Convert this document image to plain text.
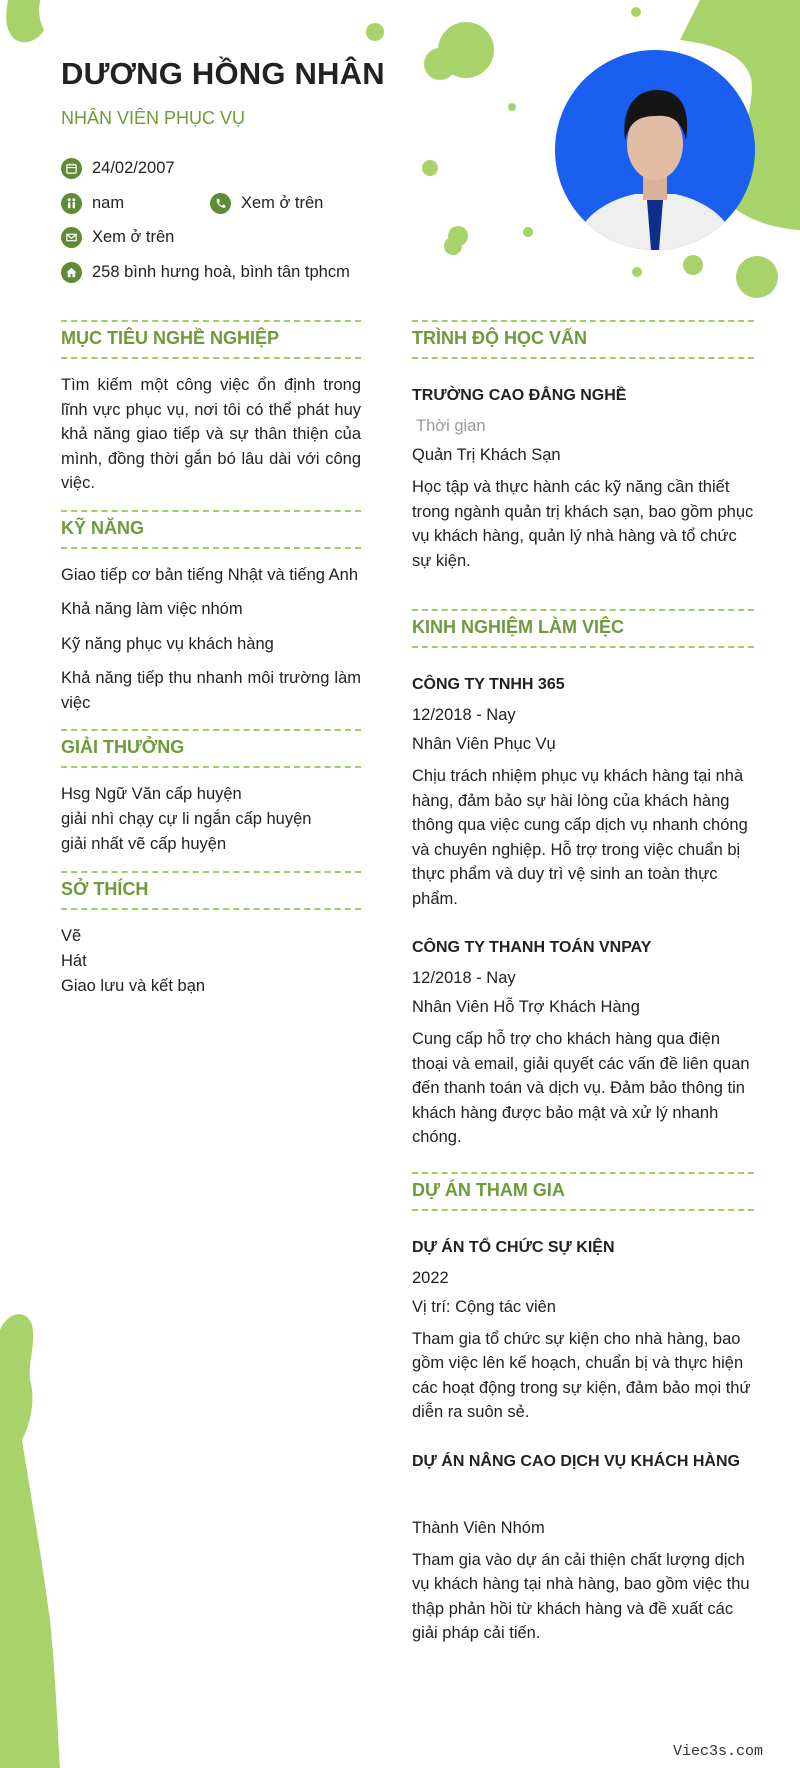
DƯƠNG HỒNG NHÂN
NHÂN VIÊN PHỤC VỤ
24/02/2007
nam	Xem ở trên
Xem ở trên
258 bình hưng hoà, bình tân tphcm
MỤC TIÊU NGHỀ NGHIỆP
Tìm kiếm một công việc ổn định trong lĩnh vực phục vụ, nơi tôi có thể phát huy khả năng giao tiếp và sự thân thiện của mình, đồng thời gắn bó lâu dài với công việc.
KỸ NĂNG
Giao tiếp cơ bản tiếng Nhật và tiếng Anh
Khả năng làm việc nhóm
Kỹ năng phục vụ khách hàng
Khả năng tiếp thu nhanh môi trường làm việc
GIẢI THƯỞNG
Hsg Ngữ Văn cấp huyện
giải nhì chạy cự li ngắn cấp huyện
giải nhất vẽ cấp huyện
SỞ THÍCH
Vẽ
Hát
Giao lưu và kết bạn
TRÌNH ĐỘ HỌC VẤN
TRƯỜNG CAO ĐẲNG NGHỀ
Thời gian
Quản Trị Khách Sạn
Học tập và thực hành các kỹ năng cần thiết trong ngành quản trị khách sạn, bao gồm phục vụ khách hàng, quản lý nhà hàng và tổ chức sự kiện.
KINH NGHIỆM LÀM VIỆC
CÔNG TY TNHH 365
12/2018 - Nay
Nhân Viên Phục Vụ
Chịu trách nhiệm phục vụ khách hàng tại nhà hàng, đảm bảo sự hài lòng của khách hàng thông qua việc cung cấp dịch vụ nhanh chóng và chuyên nghiệp. Hỗ trợ trong việc chuẩn bị thực phẩm và duy trì vệ sinh an toàn thực phẩm.
CÔNG TY THANH TOÁN VNPAY
12/2018 - Nay
Nhân Viên Hỗ Trợ Khách Hàng
Cung cấp hỗ trợ cho khách hàng qua điện thoại và email, giải quyết các vấn đề liên quan đến thanh toán và dịch vụ. Đảm bảo thông tin khách hàng được bảo mật và xử lý nhanh chóng.
DỰ ÁN THAM GIA
DỰ ÁN TỔ CHỨC SỰ KIỆN
2022
Vị trí: Cộng tác viên
Tham gia tổ chức sự kiện cho nhà hàng, bao gồm việc lên kế hoạch, chuẩn bị và thực hiện các hoạt động trong sự kiện, đảm bảo mọi thứ diễn ra suôn sẻ.
DỰ ÁN NÂNG CAO DỊCH VỤ KHÁCH HÀNG
Thành Viên Nhóm
Tham gia vào dự án cải thiện chất lượng dịch vụ khách hàng tại nhà hàng, bao gồm việc thu thập phản hồi từ khách hàng và đề xuất các giải pháp cải tiến.
Viec3s.com
